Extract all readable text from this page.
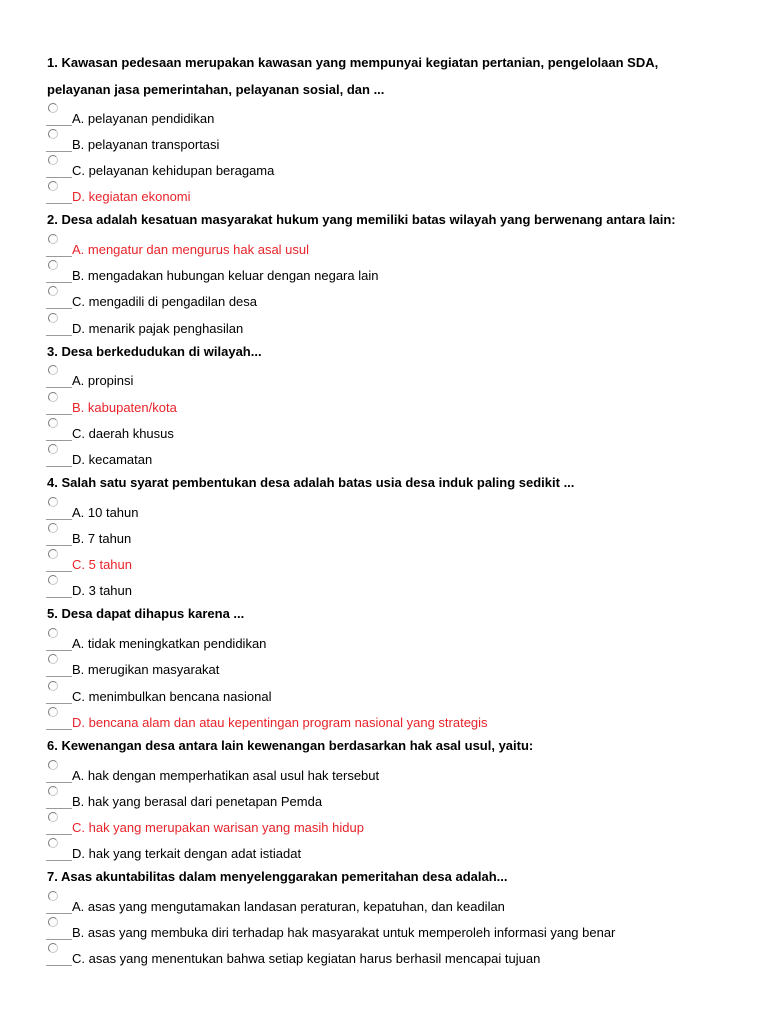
1. Kawasan pedesaan merupakan kawasan yang mempunyai kegiatan pertanian, pengelolaan SDA,
pelayanan jasa pemerintahan, pelayanan sosial, dan ...
A. pelayanan pendidikan
B. pelayanan transportasi
C. pelayanan kehidupan beragama
D. kegiatan ekonomi
2. Desa adalah kesatuan masyarakat hukum yang memiliki batas wilayah yang berwenang antara lain:
A. mengatur dan mengurus hak asal usul
B. mengadakan hubungan keluar dengan negara lain
C. mengadili di pengadilan desa
D. menarik pajak penghasilan
3. Desa berkedudukan di wilayah...
A. propinsi
B. kabupaten/kota
C. daerah khusus
D. kecamatan
4. Salah satu syarat pembentukan desa adalah batas usia desa induk paling sedikit ...
A. 10 tahun
B. 7 tahun
C. 5 tahun
D. 3 tahun
5. Desa dapat dihapus karena ...
A. tidak meningkatkan pendidikan
B. merugikan masyarakat
C. menimbulkan bencana nasional
D. bencana alam dan atau kepentingan program nasional yang strategis
6. Kewenangan desa antara lain kewenangan berdasarkan hak asal usul, yaitu:
A. hak dengan memperhatikan asal usul hak tersebut
B. hak yang berasal dari penetapan Pemda
C. hak yang merupakan warisan yang masih hidup
D. hak yang terkait dengan adat istiadat
7. Asas akuntabilitas dalam menyelenggarakan pemeritahan desa adalah...
A. asas yang mengutamakan landasan peraturan, kepatuhan, dan keadilan
B. asas yang membuka diri terhadap hak masyarakat untuk memperoleh informasi yang benar
C. asas yang menentukan bahwa setiap kegiatan harus berhasil mencapai tujuan
